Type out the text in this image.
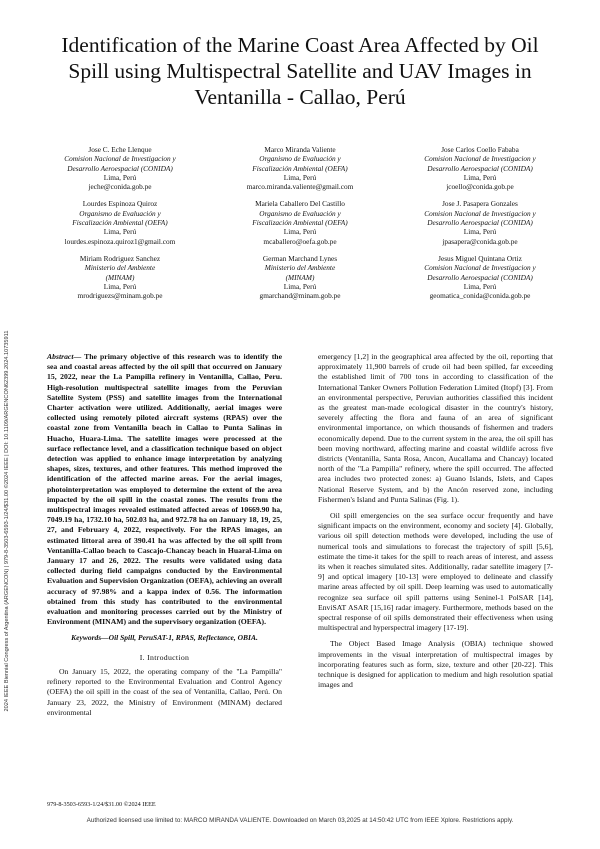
2024 IEEE Biennial Congress of Argentina (ARGENCON) | 979-8-3503-6593-1/24/$31.00 ©2024 IEEE | DOI: 10.1109/ARGENCON62399.2024.10735911
Identification of the Marine Coast Area Affected by Oil Spill using Multispectral Satellite and UAV Images in Ventanilla - Callao, Perú
Jose C. Eche Llenque
Comision Nacional de Investigacion y
Desarrollo Aeroespacial (CONIDA)
Lima, Perú
jeche@conida.gob.pe
Marco Miranda Valiente
Organismo de Evaluación y
Fiscalización Ambiental (OEFA)
Lima, Perú
marco.miranda.valiente@gmail.com
Jose Carlos Coello Fababa
Comision Nacional de Investigacion y
Desarrollo Aeroespacial (CONIDA)
Lima, Perú
jcoello@conida.gob.pe
Lourdes Espinoza Quiroz
Organismo de Evaluación y
Fiscalización Ambiental (OEFA)
Lima, Perú
lourdes.espinoza.quiroz1@gmail.com
Mariela Caballero Del Castillo
Organismo de Evaluación y
Fiscalización Ambiental (OEFA)
Lima, Perú
mcaballero@oefa.gob.pe
Jose J. Pasapera Gonzales
Comision Nacional de Investigacion y
Desarrollo Aeroespacial (CONIDA)
Lima, Perú
jpasapera@conida.gob.pe
Miriam Rodriguez Sanchez
Ministerio del Ambiente
(MINAM)
Lima, Perú
mrodriguezs@minam.gob.pe
German Marchand Lynes
Ministerio del Ambiente
(MINAM)
Lima, Perú
gmarchand@minam.gob.pe
Jesus Miguel Quintana Ortiz
Comision Nacional de Investigacion y
Desarrollo Aeroespacial (CONIDA)
Lima, Perú
geomatica_conida@conida.gob.pe

Abstract— The primary objective of this research was to identify the sea and coastal areas affected by the oil spill that occurred on January 15, 2022, near the La Pampilla refinery in Ventanilla, Callao, Peru. High-resolution multispectral satellite images from the Peruvian Satellite System (PSS) and satellite images from the International Charter activation were utilized. Additionally, aerial images were collected using remotely piloted aircraft systems (RPAS) over the coastal zone from Ventanilla beach in Callao to Punta Salinas in Huacho, Huara-Lima. The satellite images were processed at the surface reflectance level, and a classification technique based on object detection was applied to enhance image interpretation by analyzing shapes, sizes, textures, and other features. This method improved the identification of the affected marine areas. For the aerial images, photointerpretation was employed to determine the extent of the area impacted by the oil spill in the coastal zones. The results from the multispectral images revealed estimated affected areas of 10669.90 ha, 7049.19 ha, 1732.10 ha, 502.03 ha, and 972.78 ha on January 18, 19, 25, 27, and February 4, 2022, respectively. For the RPAS images, an estimated littoral area of 390.41 ha was affected by the oil spill from Ventanilla-Callao beach to Cascajo-Chancay beach in Huaral-Lima on January 17 and 26, 2022. The results were validated using data collected during field campaigns conducted by the Environmental Evaluation and Supervision Organization (OEFA), achieving an overall accuracy of 97.98% and a kappa index of 0.56. The information obtained from this study has contributed to the environmental evaluation and monitoring processes carried out by the Ministry of Environment (MINAM) and the supervisory organization (OEFA).

Keywords—Oil Spill, PeruSAT-1, RPAS, Reflectance, OBIA.

I. Introduction

On January 15, 2022, the operating company of the "La Pampilla" refinery reported to the Environmental Evaluation and Control Agency (OEFA) the oil spill in the coast of the sea of Ventanilla, Callao, Perú. On January 23, 2022, the Ministry of Environment (MINAM) declared environmental

emergency [1,2] in the geographical area affected by the oil, reporting that approximately 11,900 barrels of crude oil had been spilled, far exceeding the established limit of 700 tons in according to classification of the International Tanker Owners Pollution Federation Limited (Itopf) [3]. From an environmental perspective, Peruvian authorities classified this incident as the greatest man-made ecological disaster in the country's history, severely affecting the flora and fauna of an area of significant environmental importance, on which thousands of fishermen and traders economically depend. Due to the current system in the area, the oil spill has been moving northward, affecting marine and coastal wildlife across five districts (Ventanilla, Santa Rosa, Ancon, Aucallama and Chancay) located north of the "La Pampilla" refinery, where the spill occurred. The affected area includes two protected zones: a) Guano Islands, Islets, and Capes National Reserve System, and b) the Ancón reserved zone, including Fishermen's Island and Punta Salinas (Fig. 1).

Oil spill emergencies on the sea surface occur frequently and have significant impacts on the environment, economy and society [4]. Globally, various oil spill detection methods were developed, including the use of numerical tools and simulations to forecast the trajectory of spill [5,6], estimate the time-it takes for the spill to reach areas of interest, and assess its when it reaches simulated sites. Additionally, radar satellite imagery [7-9] and optical imagery [10-13] were employed to delineate and classify marine areas affected by oil spill. Deep learning was used to automatically recognize sea surface oil spill patterns using Seninel-1 PolSAR [14], EnviSAT ASAR [15,16] radar imagery. Furthermore, methods based on the spectral response of oil spills demonstrated their effectiveness when using multispectral and hyperspectral imagery [17-19].

The Object Based Image Analysis (OBIA) technique showed improvements in the visual interpretation of multispectral images by incorporating features such as form, size, texture and other [20-22]. This technique is designed for application to medium and high resolution spatial images and

979-8-3503-6593-1/24/$31.00 ©2024 IEEE
Authorized licensed use limited to: MARCO MIRANDA VALIENTE. Downloaded on March 03,2025 at 14:50:42 UTC from IEEE Xplore. Restrictions apply.
